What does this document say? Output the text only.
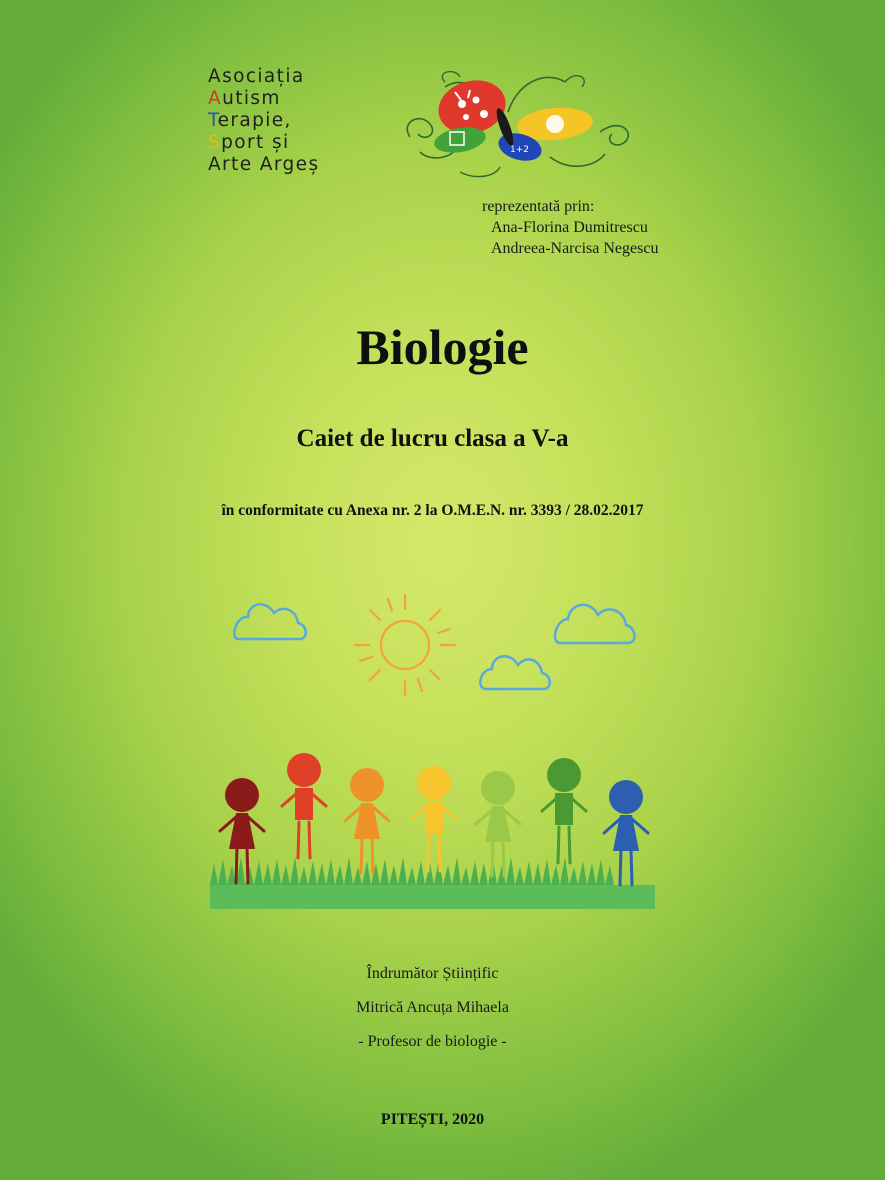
Asociația
Autism
Terapie,
Sport și
Arte Argeș
1+2
reprezentată prin:
Ana-Florina Dumitrescu
Andreea-Narcisa Negescu
Biologie
Caiet de lucru clasa a V-a
în conformitate cu Anexa nr. 2 la O.M.E.N. nr. 3393 / 28.02.2017
Îndrumător Științific
Mitrică Ancuța Mihaela
- Profesor de biologie -
PITEȘTI, 2020
